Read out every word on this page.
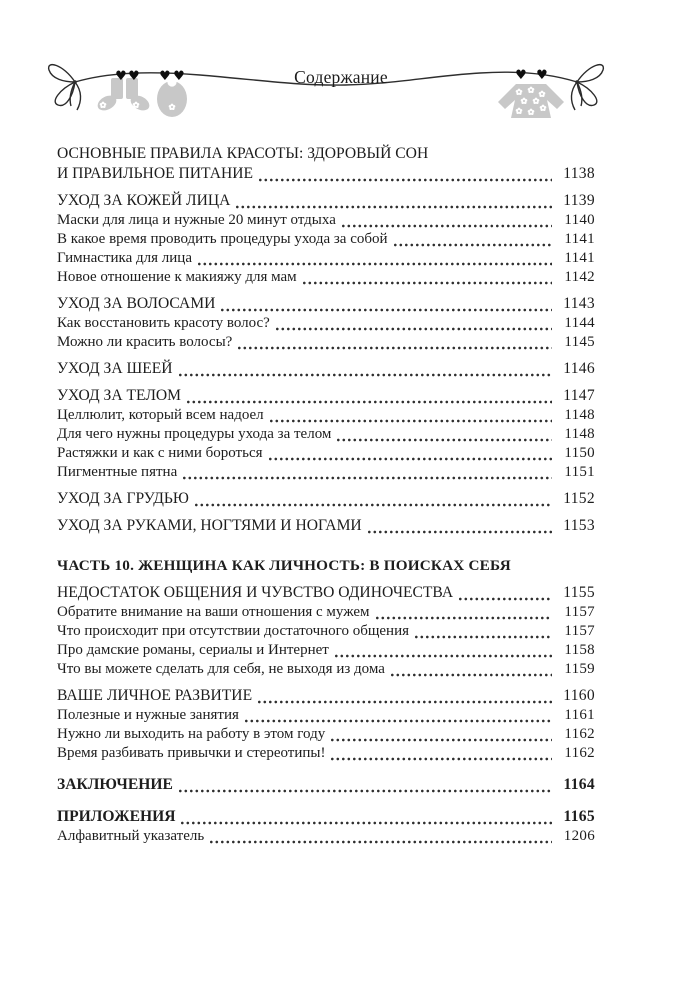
♥ ♥ ♥ ♥	♥ ♥
Содержание
ОСНОВНЫЕ ПРАВИЛА КРАСОТЫ: ЗДОРОВЫЙ СОН
И ПРАВИЛЬНОЕ ПИТАНИЕ	1138
УХОД ЗА КОЖЕЙ ЛИЦА	1139
Маски для лица и нужные 20 минут отдыха	1140
В какое время проводить процедуры ухода за собой	1141
Гимнастика для лица	1141
Новое отношение к макияжу для мам	1142
УХОД ЗА ВОЛОСАМИ	1143
Как восстановить красоту волос?	1144
Можно ли красить волосы?	1145
УХОД ЗА ШЕЕЙ	1146
УХОД ЗА ТЕЛОМ	1147
Целлюлит, который всем надоел	1148
Для чего нужны процедуры ухода за телом	1148
Растяжки и как с ними бороться	1150
Пигментные пятна	1151
УХОД ЗА ГРУДЬЮ	1152
УХОД ЗА РУКАМИ, НОГТЯМИ И НОГАМИ	1153
ЧАСТЬ 10. ЖЕНЩИНА КАК ЛИЧНОСТЬ: В ПОИСКАХ СЕБЯ
НЕДОСТАТОК ОБЩЕНИЯ И ЧУВСТВО ОДИНОЧЕСТВА	1155
Обратите внимание на ваши отношения с мужем	1157
Что происходит при отсутствии достаточного общения	1157
Про дамские романы, сериалы и Интернет	1158
Что вы можете сделать для себя, не выходя из дома	1159
ВАШЕ ЛИЧНОЕ РАЗВИТИЕ	1160
Полезные и нужные занятия	1161
Нужно ли выходить на работу в этом году	1162
Время разбивать привычки и стереотипы!	1162
ЗАКЛЮЧЕНИЕ	1164
ПРИЛОЖЕНИЯ	1165
Алфавитный указатель	1206
